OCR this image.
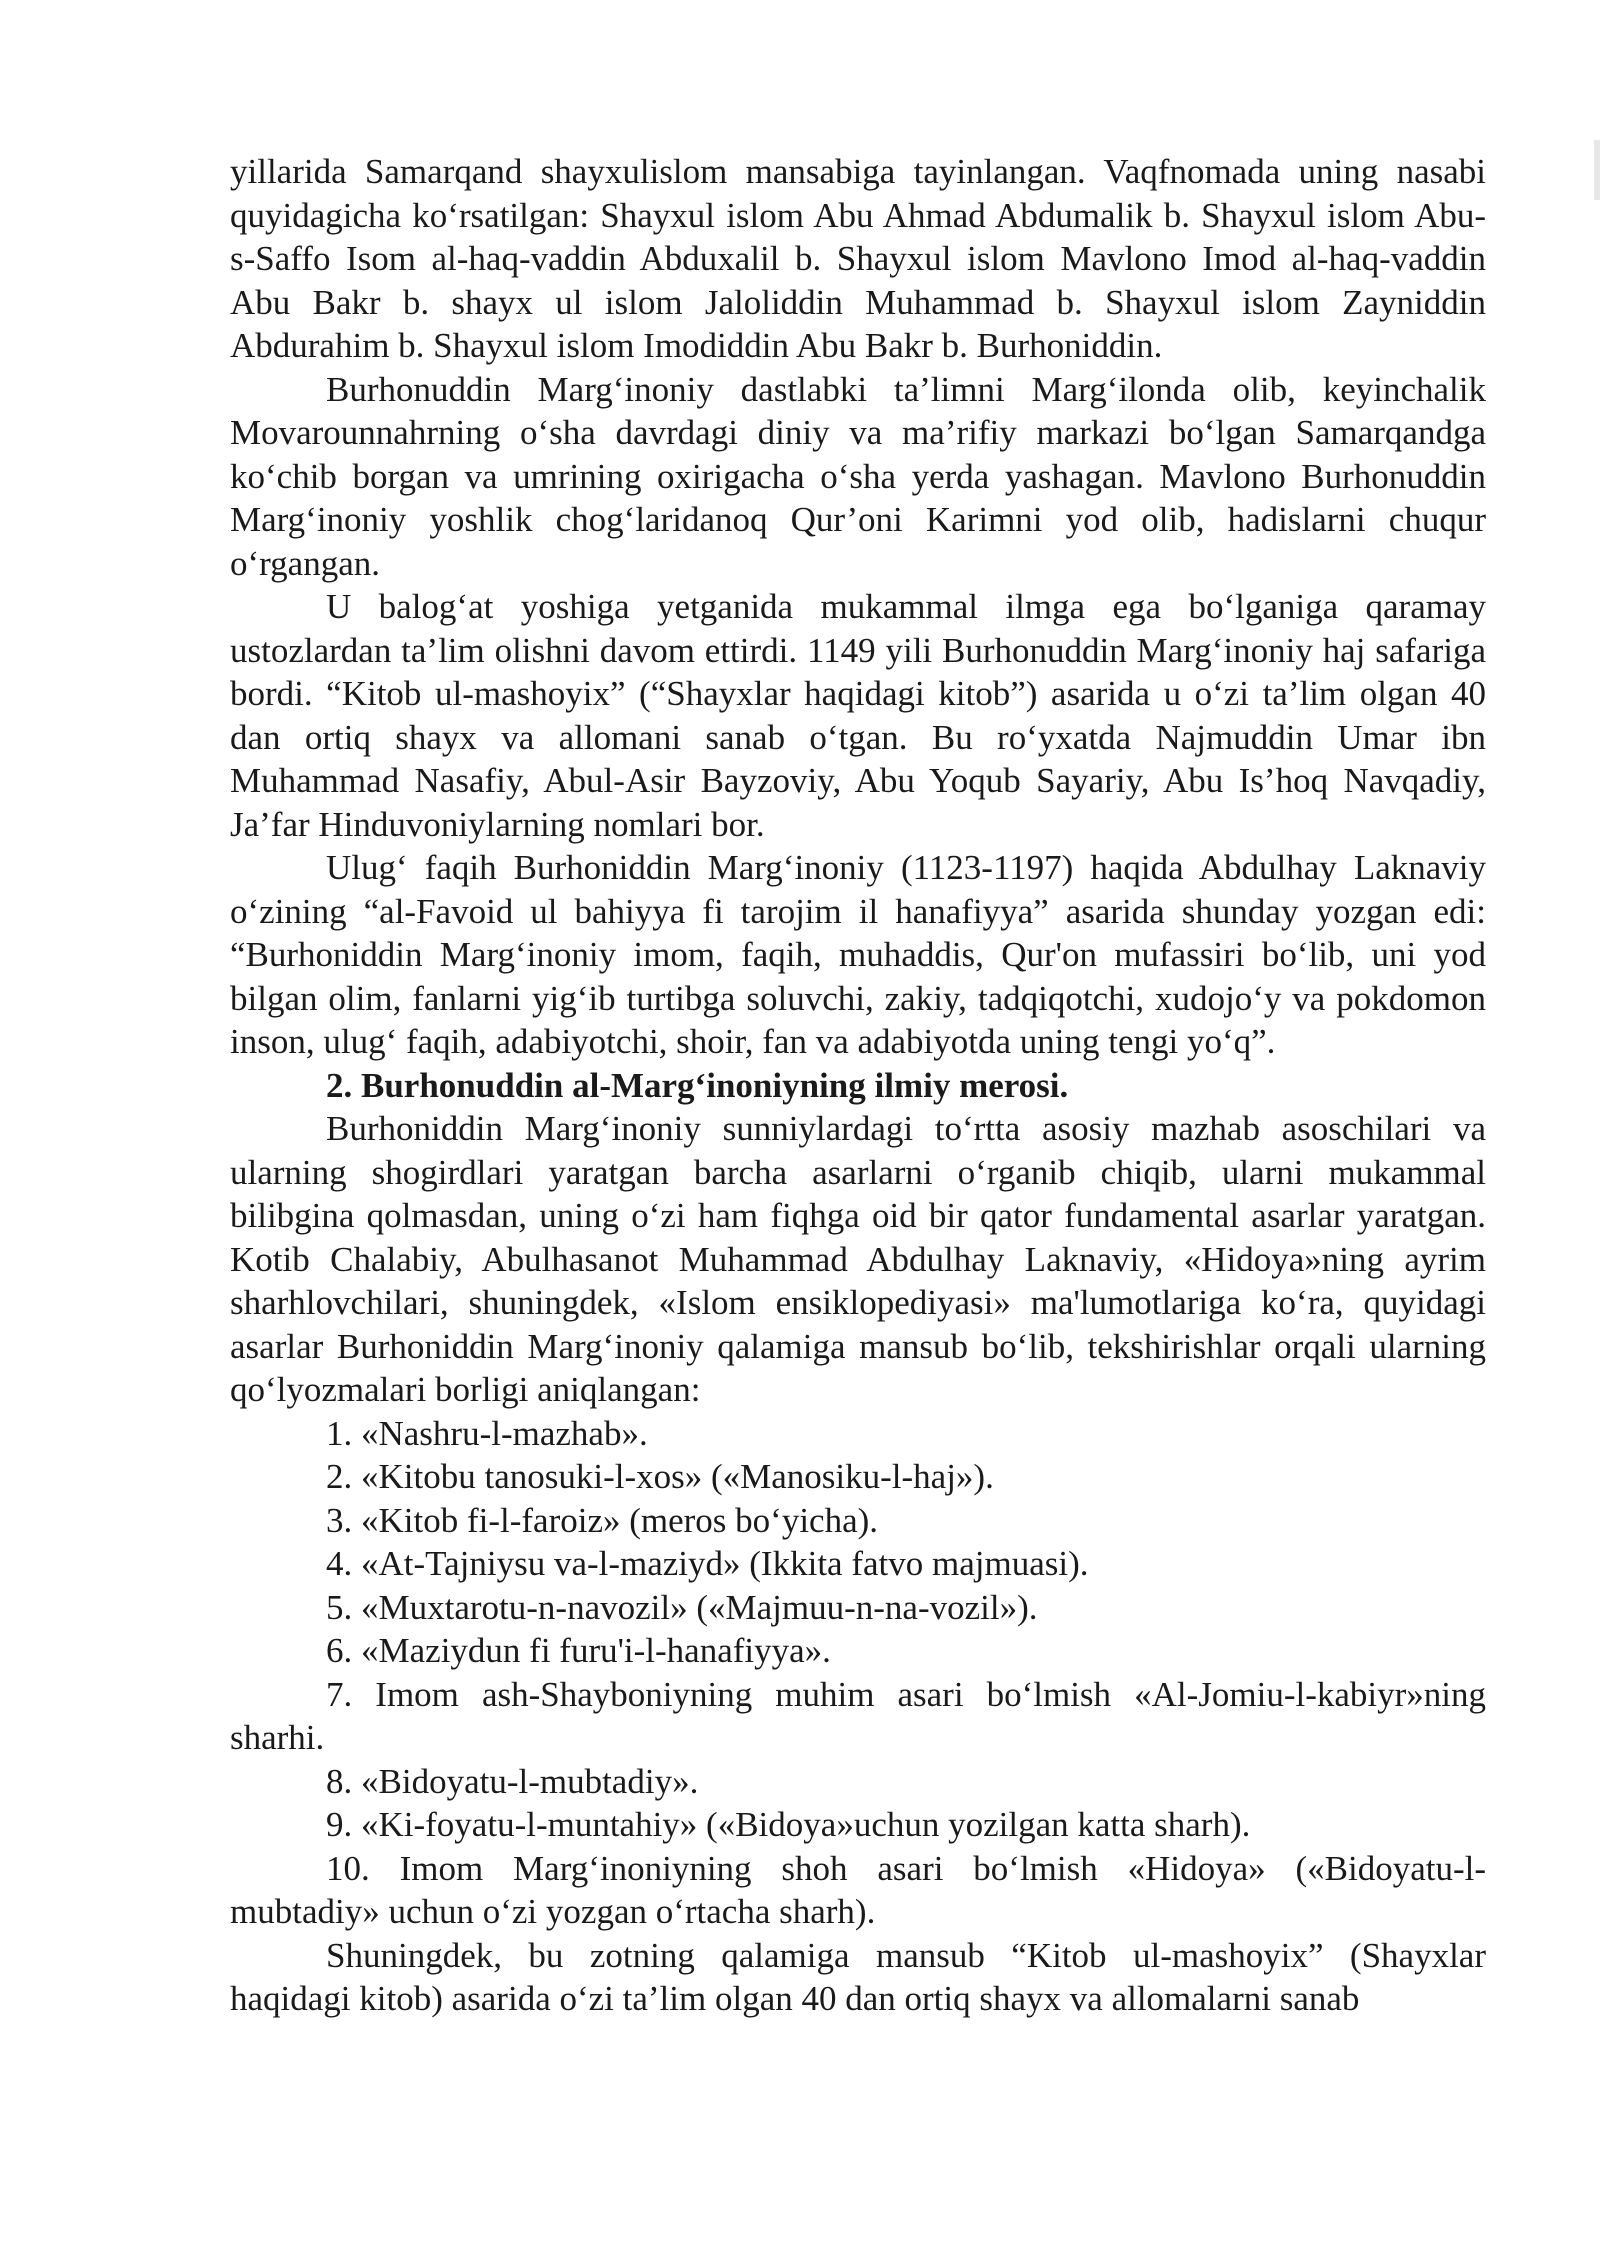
yillarida Samarqand shayxulislom mansabiga tayinlangan. Vaqfnomada uning nasabi quyidagicha ko‘rsatilgan: Shayxul islom Abu Ahmad Abdumalik b. Shayxul islom Abu-s-Saffo Isom al-haq-vaddin Abduxalil b. Shayxul islom Mavlono Imod al-haq-vaddin Abu Bakr b. shayx ul islom Jaloliddin Muhammad b. Shayxul islom Zayniddin Abdurahim b. Shayxul islom Imodiddin Abu Bakr b. Burhoniddin.

Burhonuddin Marg‘inoniy dastlabki ta’limni Marg‘ilonda olib, keyinchalik Movarounnahrning o‘sha davrdagi diniy va ma’rifiy markazi bo‘lgan Samarqandga ko‘chib borgan va umrining oxirigacha o‘sha yerda yashagan. Mavlono Burhonuddin Marg‘inoniy yoshlik chog‘laridanoq Qur’oni Karimni yod olib, hadislarni chuqur o‘rgangan.

U balog‘at yoshiga yetganida mukammal ilmga ega bo‘lganiga qaramay ustozlardan ta’lim olishni davom ettirdi. 1149 yili Burhonuddin Marg‘inoniy haj safariga bordi. “Kitob ul-mashoyix” (“Shayxlar haqidagi kitob”) asarida u o‘zi ta’lim olgan 40 dan ortiq shayx va allomani sanab o‘tgan. Bu ro‘yxatda Najmuddin Umar ibn Muhammad Nasafiy, Abul-Asir Bayzoviy, Abu Yoqub Sayariy, Abu Is’hoq Navqadiy, Ja’far Hinduvoniylarning nomlari bor.

Ulug‘ faqih Burhoniddin Marg‘inoniy (1123-1197) haqida Abdulhay Laknaviy o‘zining “al-Favoid ul bahiyya fi tarojim il hanafiyya” asarida shunday yozgan edi: “Burhoniddin Marg‘inoniy imom, faqih, muhaddis, Qur'on mufassiri bo‘lib, uni yod bilgan olim, fanlarni yig‘ib turtibga soluvchi, zakiy, tadqiqotchi, xudojo‘y va pokdomon inson, ulug‘ faqih, adabiyotchi, shoir, fan va adabiyotda uning tengi yo‘q”.

2. Burhonuddin al-Marg‘inoniyning ilmiy merosi.

Burhoniddin Marg‘inoniy sunniylardagi to‘rtta asosiy mazhab asoschilari va ularning shogirdlari yaratgan barcha asarlarni o‘rganib chiqib, ularni mukammal bilibgina qolmasdan, uning o‘zi ham fiqhga oid bir qator fundamental asarlar yaratgan. Kotib Chalabiy, Abulhasanot Muhammad Abdulhay Laknaviy, «Hidoya»ning ayrim sharhlovchilari, shuningdek, «Islom ensiklopediyasi» ma'lumotlariga ko‘ra, quyidagi asarlar Burhoniddin Marg‘inoniy qalamiga mansub bo‘lib, tekshirishlar orqali ularning qo‘lyozmalari borligi aniqlangan:

1. «Nashru-l-mazhab».

2. «Kitobu tanosuki-l-xos» («Manosiku-l-haj»).

3. «Kitob fi-l-faroiz» (meros bo‘yicha).

4. «At-Tajniysu va-l-maziyd» (Ikkita fatvo majmuasi).

5. «Muxtarotu-n-navozil» («Majmuu-n-na-vozil»).

6. «Maziydun fi furu'i-l-hanafiyya».

7. Imom ash-Shayboniyning muhim asari bo‘lmish «Al-Jomiu-l-kabiyr»ning sharhi.

8. «Bidoyatu-l-mubtadiy».

9. «Ki-foyatu-l-muntahiy» («Bidoya»uchun yozilgan katta sharh).

10. Imom Marg‘inoniyning shoh asari bo‘lmish «Hidoya» («Bidoyatu-l-mubtadiy» uchun o‘zi yozgan o‘rtacha sharh).

Shuningdek, bu zotning qalamiga mansub “Kitob ul-mashoyix” (Shayxlar haqidagi kitob) asarida o‘zi ta’lim olgan 40 dan ortiq shayx va allomalarni sanab
